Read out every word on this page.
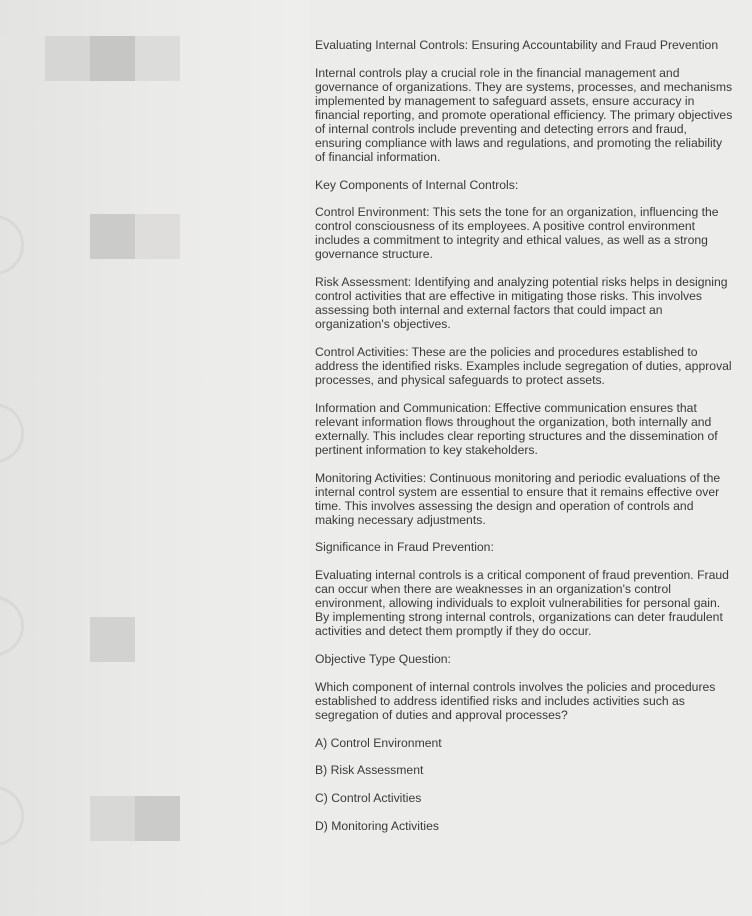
Evaluating Internal Controls: Ensuring Accountability and Fraud Prevention

Internal controls play a crucial role in the financial management and governance of organizations. They are systems, processes, and mechanisms implemented by management to safeguard assets, ensure accuracy in financial reporting, and promote operational efficiency. The primary objectives of internal controls include preventing and detecting errors and fraud, ensuring compliance with laws and regulations, and promoting the reliability of financial information.

Key Components of Internal Controls:

Control Environment: This sets the tone for an organization, influencing the control consciousness of its employees. A positive control environment includes a commitment to integrity and ethical values, as well as a strong governance structure.

Risk Assessment: Identifying and analyzing potential risks helps in designing control activities that are effective in mitigating those risks. This involves assessing both internal and external factors that could impact an organization's objectives.

Control Activities: These are the policies and procedures established to address the identified risks. Examples include segregation of duties, approval processes, and physical safeguards to protect assets.

Information and Communication: Effective communication ensures that relevant information flows throughout the organization, both internally and externally. This includes clear reporting structures and the dissemination of pertinent information to key stakeholders.

Monitoring Activities: Continuous monitoring and periodic evaluations of the internal control system are essential to ensure that it remains effective over time. This involves assessing the design and operation of controls and making necessary adjustments.

Significance in Fraud Prevention:

Evaluating internal controls is a critical component of fraud prevention. Fraud can occur when there are weaknesses in an organization's control environment, allowing individuals to exploit vulnerabilities for personal gain. By implementing strong internal controls, organizations can deter fraudulent activities and detect them promptly if they do occur.

Objective Type Question:

Which component of internal controls involves the policies and procedures established to address identified risks and includes activities such as segregation of duties and approval processes?

A) Control Environment

B) Risk Assessment

C) Control Activities

D) Monitoring Activities
